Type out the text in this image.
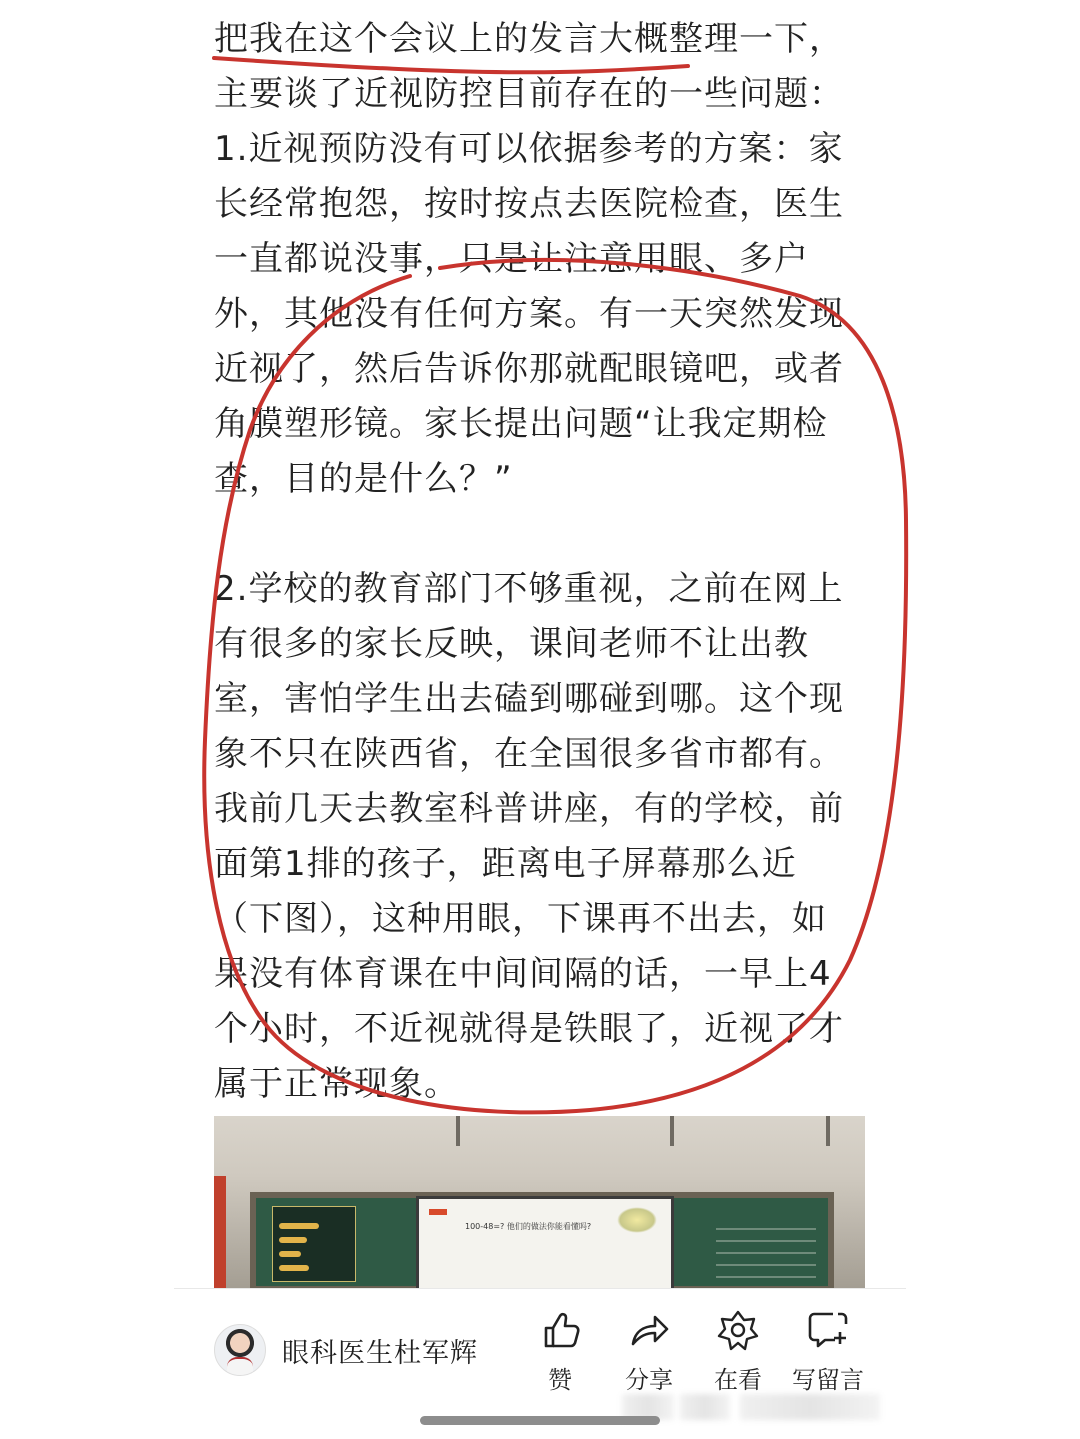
把我在这个会议上的发言大概整理一下，
主要谈了近视防控目前存在的一些问题：
1.近视预防没有可以依据参考的方案：家
长经常抱怨，按时按点去医院检查，医生
一直都说没事，只是让注意用眼、多户
外，其他没有任何方案。有一天突然发现
近视了，然后告诉你那就配眼镜吧，或者
角膜塑形镜。家长提出问题“让我定期检
查，目的是什么？”
2.学校的教育部门不够重视，之前在网上
有很多的家长反映，课间老师不让出教
室，害怕学生出去磕到哪碰到哪。这个现
象不只在陕西省，在全国很多省市都有。
我前几天去教室科普讲座，有的学校，前
面第1排的孩子，距离电子屏幕那么近
（下图），这种用眼，下课再不出去，如
果没有体育课在中间间隔的话，一早上4
个小时，不近视就得是铁眼了，近视了才
属于正常现象。
100-48=? 他们的做法你能看懂吗?
眼科医生杜军辉
赞	分享	在看	写留言
